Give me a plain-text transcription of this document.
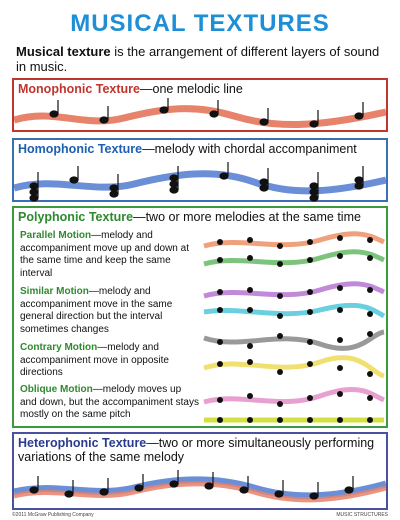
MUSICAL TEXTURES
Musical texture is the arrangement of different layers of sound in music.
Monophonic Texture—one melodic line
Homophonic Texture—melody with chordal accompaniment
Polyphonic Texture—two or more melodies at the same time
Parallel Motion—melody and accompaniment move up and down at the same time and keep the same interval
Similar Motion—melody and accompaniment move in the same general direction but the interval sometimes changes
Contrary Motion—melody and accompaniment move in opposite directions
Oblique Motion—melody moves up and down, but the accompaniment stays mostly on the same pitch
Heterophonic Texture—two or more simultaneously performing variations of the same melody
©2011 McGraw Publishing Company	MUSIC STRUCTURES
